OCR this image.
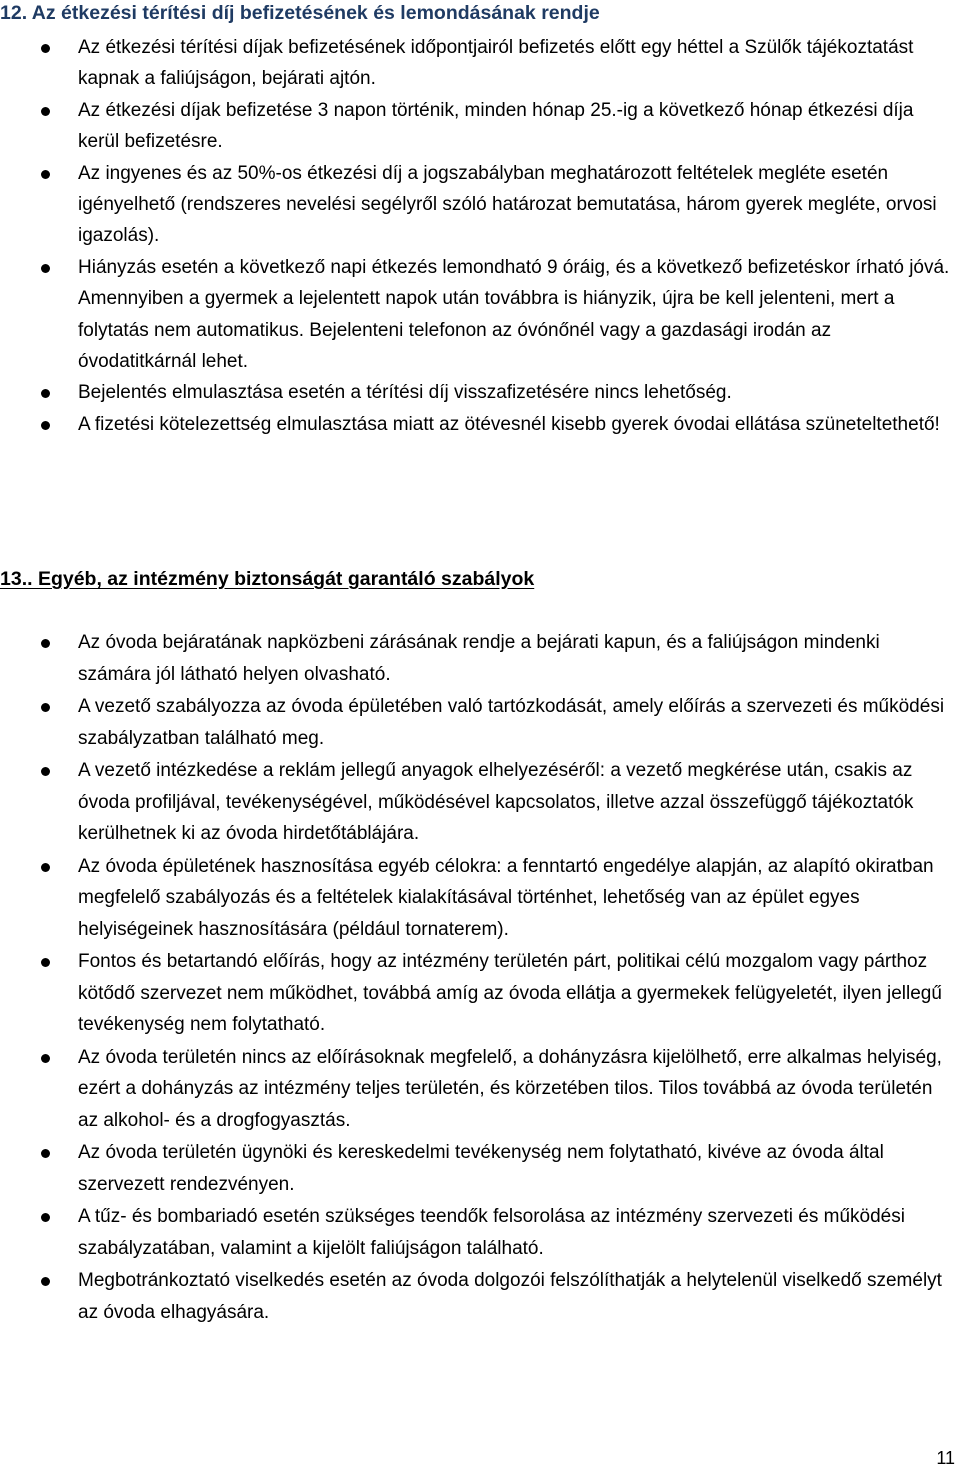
12. Az étkezési térítési díj befizetésének és lemondásának rendje
Az étkezési térítési díjak befizetésének időpontjairól befizetés előtt egy héttel a Szülők tájékoztatást kapnak a faliújságon, bejárati ajtón.
Az étkezési díjak befizetése 3 napon történik, minden hónap 25.-ig a következő hónap étkezési díja kerül befizetésre.
Az ingyenes és az 50%-os étkezési díj a jogszabályban meghatározott feltételek megléte esetén igényelhető (rendszeres nevelési segélyről szóló határozat bemutatása, három gyerek megléte, orvosi igazolás).
Hiányzás esetén a következő napi étkezés lemondható 9 óráig, és a következő befizetéskor írható jóvá. Amennyiben a gyermek a lejelentett napok után továbbra is hiányzik, újra be kell jelenteni, mert a folytatás nem automatikus. Bejelenteni telefonon az óvónőnél vagy a gazdasági irodán az óvodatitkárnál lehet.
Bejelentés elmulasztása esetén a térítési díj visszafizetésére nincs lehetőség.
A fizetési kötelezettség elmulasztása miatt az ötévesnél kisebb gyerek óvodai ellátása szüneteltethető!
13.. Egyéb, az intézmény biztonságát garantáló szabályok
Az óvoda bejáratának napközbeni zárásának rendje a bejárati kapun, és a faliújságon mindenki számára jól látható helyen olvasható.
A vezető szabályozza az óvoda épületében való tartózkodását, amely előírás a szervezeti és működési szabályzatban található meg.
A vezető intézkedése a reklám jellegű anyagok elhelyezéséről: a vezető megkérése után, csakis az óvoda profiljával, tevékenységével, működésével kapcsolatos, illetve azzal összefüggő tájékoztatók kerülhetnek ki az óvoda hirdetőtáblájára.
Az óvoda épületének hasznosítása egyéb célokra: a fenntartó engedélye alapján, az alapító okiratban megfelelő szabályozás és a feltételek kialakításával történhet, lehetőség van az épület egyes helyiségeinek hasznosítására (például tornaterem).
Fontos és betartandó előírás, hogy az intézmény területén párt, politikai célú mozgalom vagy párthoz kötődő szervezet nem működhet, továbbá amíg az óvoda ellátja a gyermekek felügyeletét, ilyen jellegű tevékenység nem folytatható.
Az óvoda területén nincs az előírásoknak megfelelő, a dohányzásra kijelölhető, erre alkalmas helyiség, ezért a dohányzás az intézmény teljes területén, és körzetében tilos. Tilos továbbá az óvoda területén az alkohol- és a drogfogyasztás.
Az óvoda területén ügynöki és kereskedelmi tevékenység nem folytatható, kivéve az óvoda által szervezett rendezvényen.
A tűz- és bombariadó esetén szükséges teendők felsorolása az intézmény szervezeti és működési szabályzatában, valamint a kijelölt faliújságon található.
Megbotránkoztató viselkedés esetén az óvoda dolgozói felszólíthatják a helytelenül viselkedő személyt az óvoda elhagyására.
11
